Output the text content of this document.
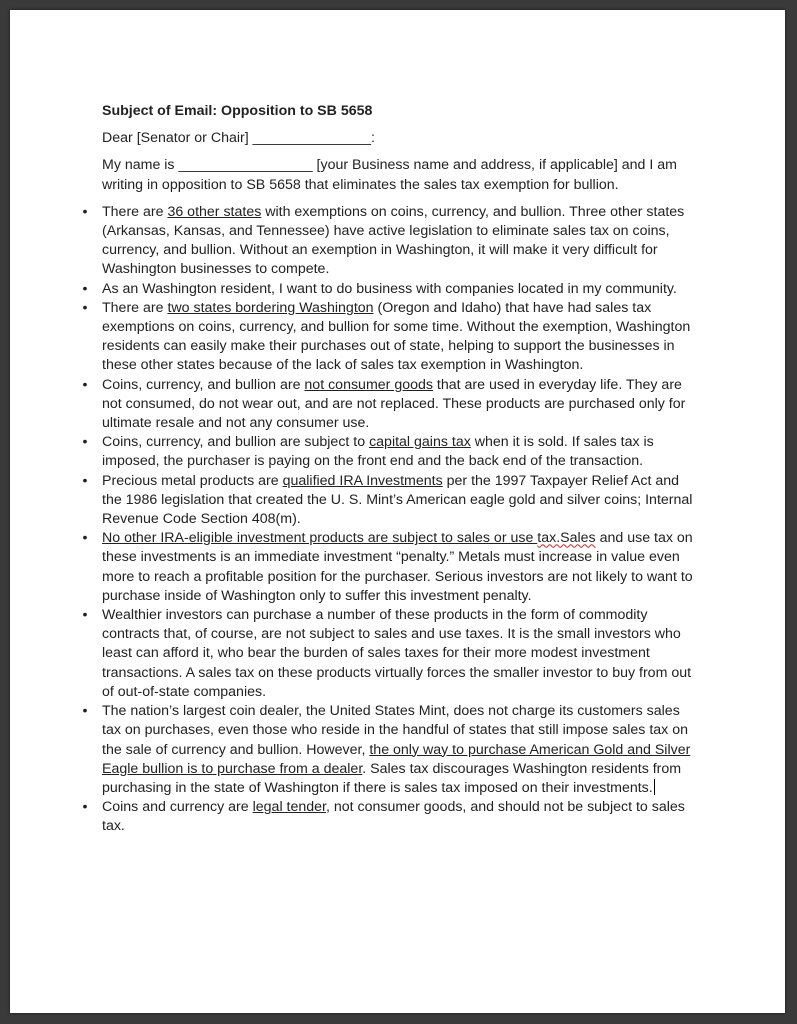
Subject of Email: Opposition to SB 5658

Dear [Senator or Chair] _______________:

My name is _________________ [your Business name and address, if applicable] and I am writing in opposition to SB 5658 that eliminates the sales tax exemption for bullion.

• There are 36 other states with exemptions on coins, currency, and bullion. Three other states (Arkansas, Kansas, and Tennessee) have active legislation to eliminate sales tax on coins, currency, and bullion. Without an exemption in Washington, it will make it very difficult for Washington businesses to compete.
• As an Washington resident, I want to do business with companies located in my community.
• There are two states bordering Washington (Oregon and Idaho) that have had sales tax exemptions on coins, currency, and bullion for some time. Without the exemption, Washington residents can easily make their purchases out of state, helping to support the businesses in these other states because of the lack of sales tax exemption in Washington.
• Coins, currency, and bullion are not consumer goods that are used in everyday life. They are not consumed, do not wear out, and are not replaced. These products are purchased only for ultimate resale and not any consumer use.
• Coins, currency, and bullion are subject to capital gains tax when it is sold. If sales tax is imposed, the purchaser is paying on the front end and the back end of the transaction.
• Precious metal products are qualified IRA Investments per the 1997 Taxpayer Relief Act and the 1986 legislation that created the U. S. Mint’s American eagle gold and silver coins; Internal Revenue Code Section 408(m).
• No other IRA-eligible investment products are subject to sales or use tax.Sales and use tax on these investments is an immediate investment “penalty.” Metals must increase in value even more to reach a profitable position for the purchaser. Serious investors are not likely to want to purchase inside of Washington only to suffer this investment penalty.
• Wealthier investors can purchase a number of these products in the form of commodity contracts that, of course, are not subject to sales and use taxes. It is the small investors who least can afford it, who bear the burden of sales taxes for their more modest investment transactions. A sales tax on these products virtually forces the smaller investor to buy from out of out-of-state companies.
• The nation’s largest coin dealer, the United States Mint, does not charge its customers sales tax on purchases, even those who reside in the handful of states that still impose sales tax on the sale of currency and bullion. However, the only way to purchase American Gold and Silver Eagle bullion is to purchase from a dealer. Sales tax discourages Washington residents from purchasing in the state of Washington if there is sales tax imposed on their investments.
• Coins and currency are legal tender, not consumer goods, and should not be subject to sales tax.
